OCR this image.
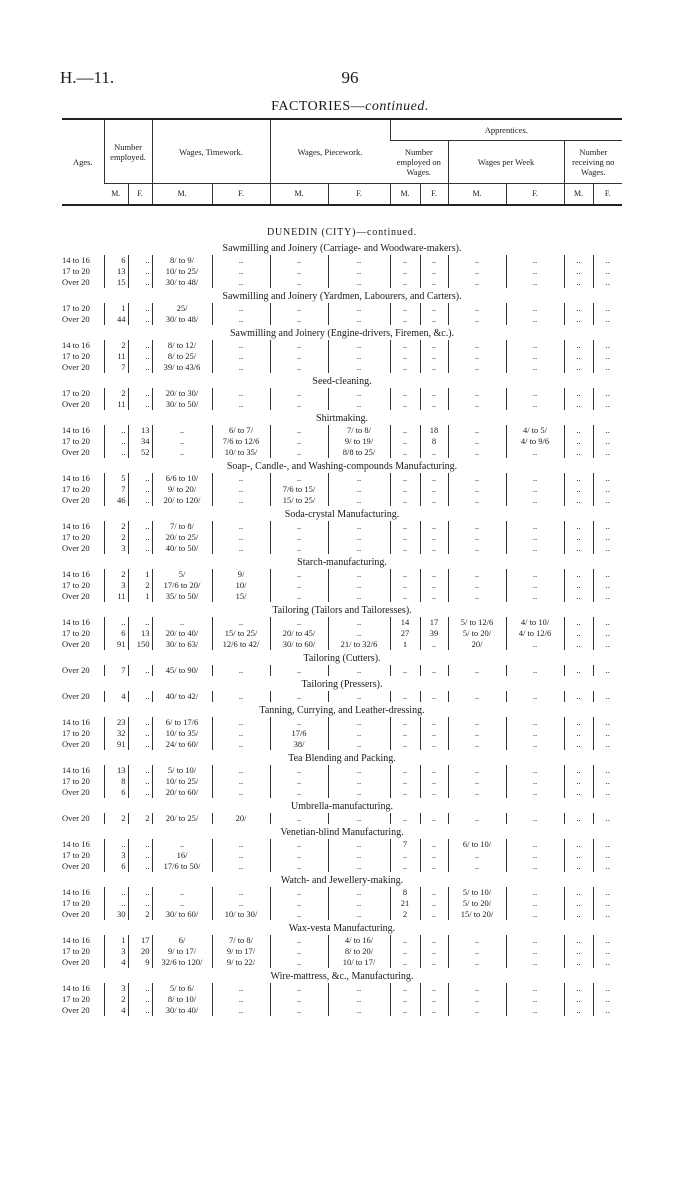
H.—11.	96
FACTORIES—continued.
Ages.	Number employed.		Wages, Timework.		Wages, Piecework.		Apprentices.					
							Number employed on Wages.		Wages per Week		Number receiving no Wages.	
	M.	F.	M.	F.	M.	F.	M.	F.	M.	F.	M.	F.
DUNEDIN (CITY)—continued.
Sawmilling and Joinery (Carriage- and Woodware-makers).
14 to 16	6	..	8/ to 9/	..	..	..	..	..	..	..	..	..
17 to 20	13	..	10/ to 25/	..	..	..	..	..	..	..	..	..
Over 20	15	..	30/ to 48/	..	..	..	..	..	..	..	..	..
Sawmilling and Joinery (Yardmen, Labourers, and Carters).
17 to 20	1	..	25/	..	..	..	..	..	..	..	..	..
Over 20	44	..	30/ to 48/	..	..	..	..	..	..	..	..	..
Sawmilling and Joinery (Engine-drivers, Firemen, &c.).
14 to 16	2	..	8/ to 12/	..	..	..	..	..	..	..	..	..
17 to 20	11	..	8/ to 25/	..	..	..	..	..	..	..	..	..
Over 20	7	..	39/ to 43/6	..	..	..	..	..	..	..	..	..
Seed-cleaning.
17 to 20	2	..	20/ to 30/	..	..	..	..	..	..	..	..	..
Over 20	11	..	30/ to 50/	..	..	..	..	..	..	..	..	..
Shirtmaking.
14 to 16	..	13	..	6/ to 7/	..	7/ to 8/	..	18	..	4/ to 5/	..	..
17 to 20	..	34	..	7/6 to 12/6	..	9/ to 19/	..	8	..	4/ to 9/6	..	..
Over 20	..	52	..	10/ to 35/	..	8/8 to 25/	..	..	..	..	..	..
Soap-, Candle-, and Washing-compounds Manufacturing.
14 to 16	5	..	6/6 to 10/	..	..	..	..	..	..	..	..	..
17 to 20	7	..	9/ to 20/	..	7/6 to 15/	..	..	..	..	..	..	..
Over 20	46	..	20/ to 120/	..	15/ to 25/	..	..	..	..	..	..	..
Soda-crystal Manufacturing.
14 to 16	2	..	7/ to 8/	..	..	..	..	..	..	..	..	..
17 to 20	2	..	20/ to 25/	..	..	..	..	..	..	..	..	..
Over 20	3	..	40/ to 50/	..	..	..	..	..	..	..	..	..
Starch-manufacturing.
14 to 16	2	1	5/	9/	..	..	..	..	..	..	..	..
17 to 20	3	2	17/6 to 20/	10/	..	..	..	..	..	..	..	..
Over 20	11	1	35/ to 50/	15/	..	..	..	..	..	..	..	..
Tailoring (Tailors and Tailoresses).
14 to 16	..	..	..	..	..	..	14	17	5/ to 12/6	4/ to 10/	..	..
17 to 20	6	13	20/ to 40/	15/ to 25/	20/ to 45/	..	27	39	5/ to 20/	4/ to 12/6	..	..
Over 20	91	150	30/ to 63/	12/6 to 42/	30/ to 60/	21/ to 32/6	1	..	20/	..	..	..
Tailoring (Cutters).
Over 20	7	..	45/ to 90/	..	..	..	..	..	..	..	..	..
Tailoring (Pressers).
Over 20	4	..	40/ to 42/	..	..	..	..	..	..	..	..	..
Tanning, Currying, and Leather-dressing.
14 to 16	23	..	6/ to 17/6	..	..	..	..	..	..	..	..	..
17 to 20	32	..	10/ to 35/	..	17/6	..	..	..	..	..	..	..
Over 20	91	..	24/ to 60/	..	38/	..	..	..	..	..	..	..
Tea Blending and Packing.
14 to 16	13	..	5/ to 10/	..	..	..	..	..	..	..	..	..
17 to 20	8	..	10/ to 25/	..	..	..	..	..	..	..	..	..
Over 20	6	..	20/ to 60/	..	..	..	..	..	..	..	..	..
Umbrella-manufacturing.
Over 20	2	2	20/ to 25/	20/	..	..	..	..	..	..	..	..
Venetian-blind Manufacturing.
14 to 16	..	..	..	..	..	..	7	..	6/ to 10/	..	..	..
17 to 20	3	..	16/	..	..	..	..	..	..	..	..	..
Over 20	6	..	17/6 to 50/	..	..	..	..	..	..	..	..	..
Watch- and Jewellery-making.
14 to 16	..	..	..	..	..	..	8	..	5/ to 10/	..	..	..
17 to 20	..	..	..	..	..	..	21	..	5/ to 20/	..	..	..
Over 20	30	2	30/ to 60/	10/ to 30/	..	..	2	..	15/ to 20/	..	..	..
Wax-vesta Manufacturing.
14 to 16	1	17	6/	7/ to 8/	..	4/ to 16/	..	..	..	..	..	..
17 to 20	3	20	9/ to 17/	9/ to 17/	..	8/ to 20/	..	..	..	..	..	..
Over 20	4	9	32/6 to 120/	9/ to 22/	..	10/ to 17/	..	..	..	..	..	..
Wire-mattress, &c., Manufacturing.
14 to 16	3	..	5/ to 6/	..	..	..	..	..	..	..	..	..
17 to 20	2	..	8/ to 10/	..	..	..	..	..	..	..	..	..
Over 20	4	..	30/ to 40/	..	..	..	..	..	..	..	..	..
